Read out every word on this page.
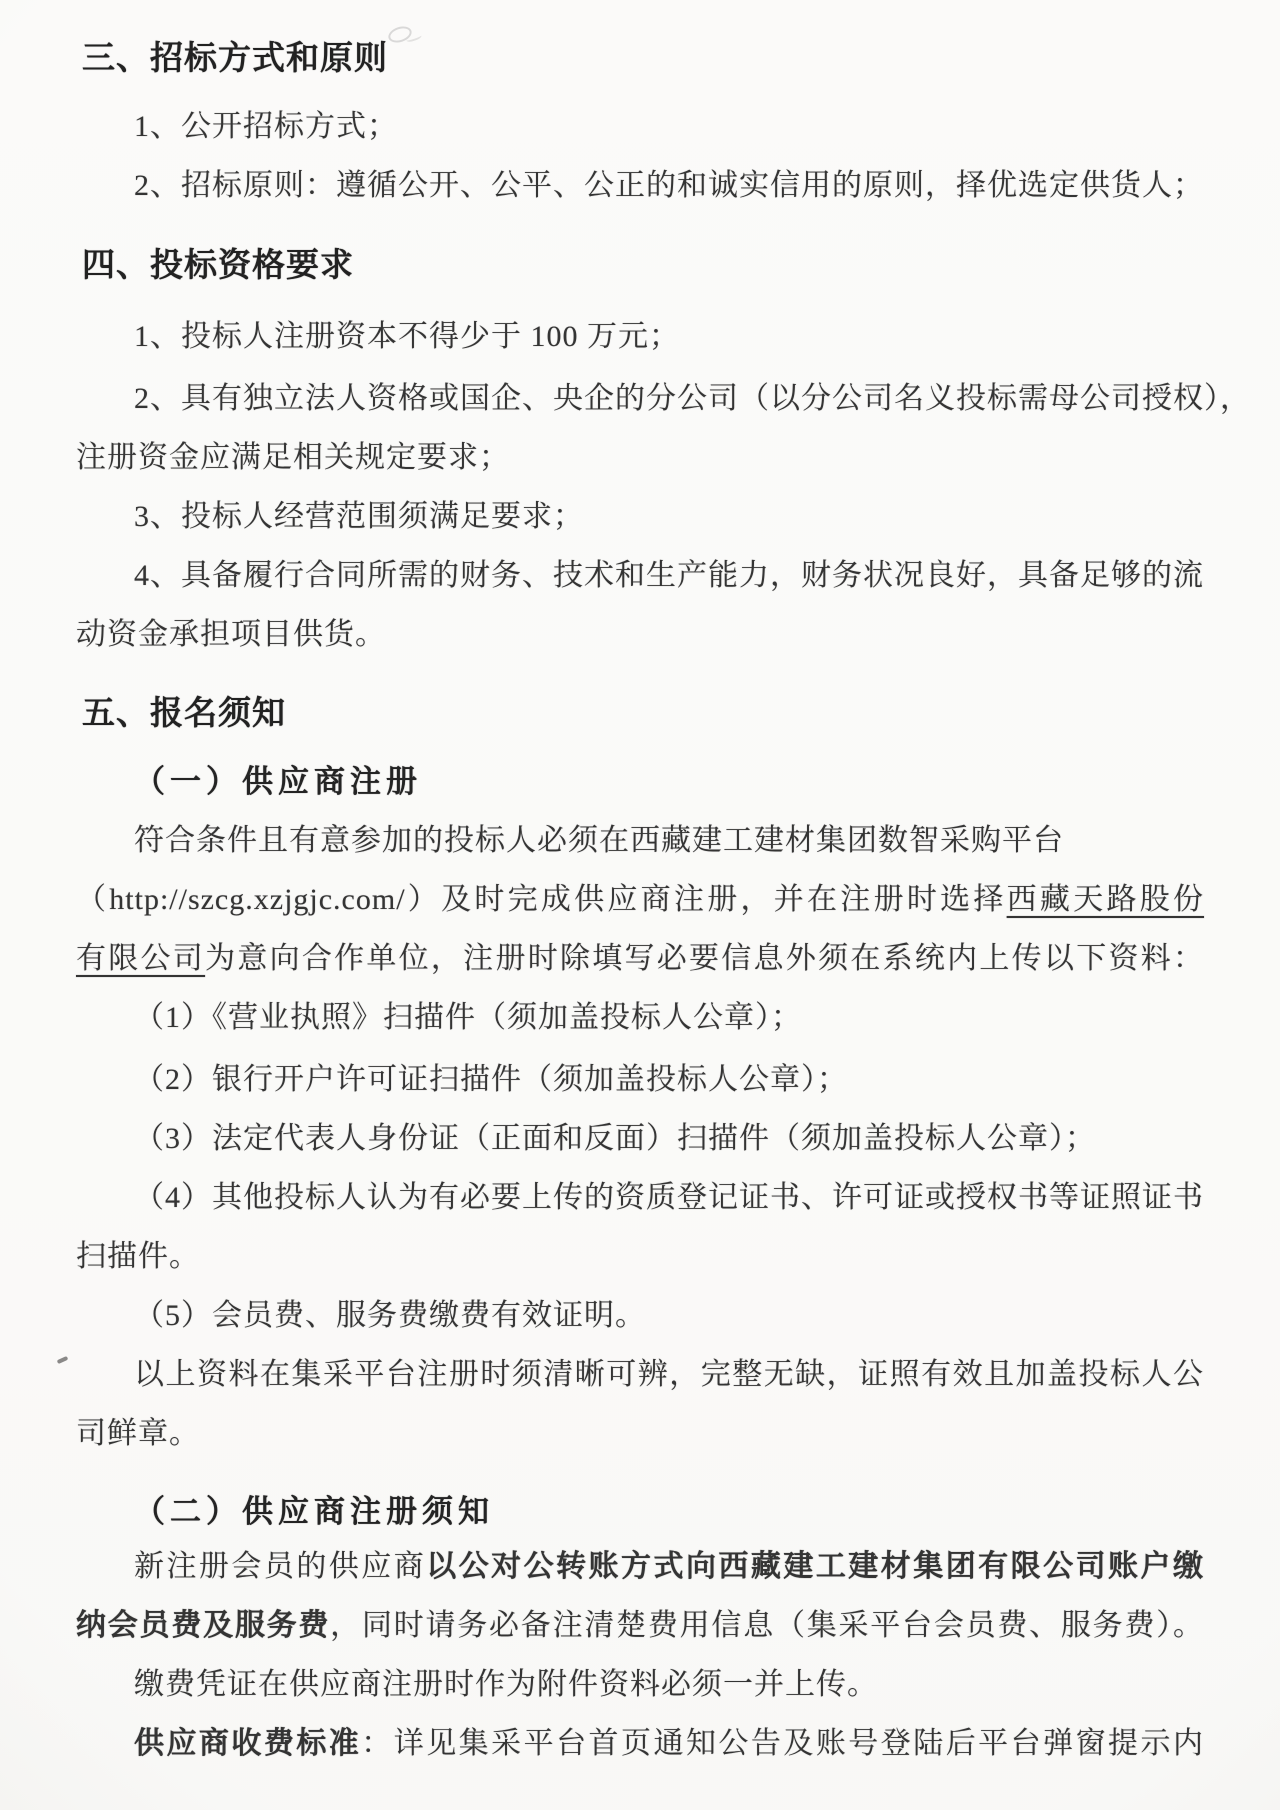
三、招标方式和原则
1、公开招标方式；
2、招标原则：遵循公开、公平、公正的和诚实信用的原则，择优选定供货人；
四、投标资格要求
1、投标人注册资本不得少于 100 万元；
2、具有独立法人资格或国企、央企的分公司（以分公司名义投标需母公司授权），
注册资金应满足相关规定要求；
3、投标人经营范围须满足要求；
4、具备履行合同所需的财务、技术和生产能力，财务状况良好，具备足够的流
动资金承担项目供货。
五、报名须知
（一）供应商注册
符合条件且有意参加的投标人必须在西藏建工建材集团数智采购平台
（http://szcg.xzjgjc.com/）及时完成供应商注册，并在注册时选择西藏天路股份
有限公司为意向合作单位，注册时除填写必要信息外须在系统内上传以下资料：
（1）《营业执照》扫描件（须加盖投标人公章）；
（2）银行开户许可证扫描件（须加盖投标人公章）；
（3）法定代表人身份证（正面和反面）扫描件（须加盖投标人公章）；
（4）其他投标人认为有必要上传的资质登记证书、许可证或授权书等证照证书
扫描件。
（5）会员费、服务费缴费有效证明。
以上资料在集采平台注册时须清晰可辨，完整无缺，证照有效且加盖投标人公
司鲜章。
（二）供应商注册须知
新注册会员的供应商以公对公转账方式向西藏建工建材集团有限公司账户缴
纳会员费及服务费，同时请务必备注清楚费用信息（集采平台会员费、服务费）。
缴费凭证在供应商注册时作为附件资料必须一并上传。
供应商收费标准：详见集采平台首页通知公告及账号登陆后平台弹窗提示内
